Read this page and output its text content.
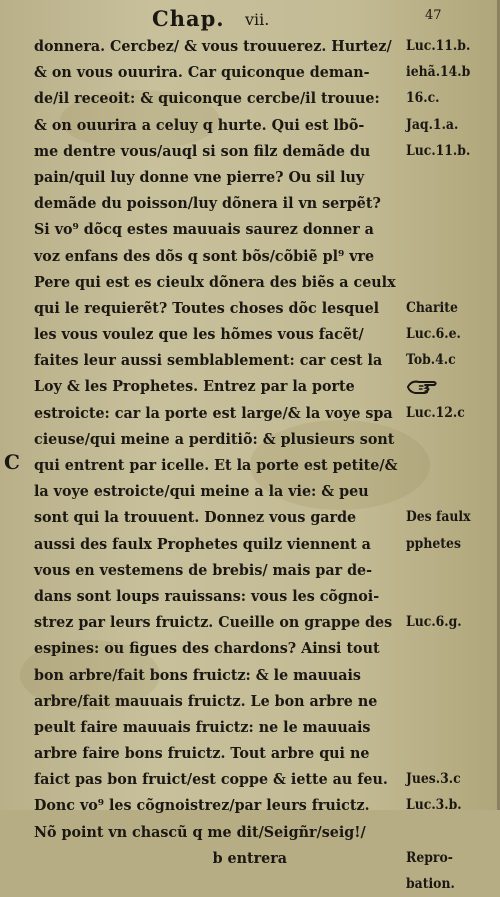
Chap. vii.	47
C
donnera. Cercbez/ & vous trouuerez. Hurtez/
& on vous ouurira. Car quiconque deman-
de/il receoit: & quiconque cercbe/il trouue:
& on ouurira a celuy q hurte. Qui est lbõ-
me dentre vous/auql si son filz demãde du
pain/quil luy donne vne pierre? Ou sil luy
demãde du poisson/luy dõnera il vn serpẽt?
Si vo⁹ dõcq estes mauuais saurez donner a
voz enfans des dõs q sont bõs/cõbiẽ pl⁹ vre
Pere qui est es cieulx dõnera des biẽs a ceulx
qui le requierẽt? Toutes choses dõc lesquel
les vous voulez que les hõmes vous facẽt/
faites leur aussi semblablement: car cest la
Loy & les Prophetes. Entrez par la porte
estroicte: car la porte est large/& la voye spa
cieuse/qui meine a perditiõ: & plusieurs sont
qui entrent par icelle. Et la porte est petite/&
la voye estroicte/qui meine a la vie: & peu
sont qui la trouuent. Donnez vous garde
aussi des faulx Prophetes quilz viennent a
vous en vestemens de brebis/ mais par de-
dans sont loups rauissans: vous les cõgnoi-
strez par leurs fruictz. Cueille on grappe des
espines: ou figues des chardons? Ainsi tout
bon arbre/fait bons fruictz: & le mauuais
arbre/fait mauuais fruictz. Le bon arbre ne
peult faire mauuais fruictz: ne le mauuais
arbre faire bons fruictz. Tout arbre qui ne
faict pas bon fruict/est coppe & iette au feu.
Donc vo⁹ les cõgnoistrez/par leurs fruictz.
Nõ point vn chascũ q me dit/Seigñr/seig!/
b entrera
Luc.11.b.
iehã.14.b
16.c.
Jaq.1.a.
Luc.11.b.
Charite
Luc.6.e.
Tob.4.c
Luc.12.c
Des faulx
pphetes
Luc.6.g.
Jues.3.c
Luc.3.b.
Repro-
bation.
